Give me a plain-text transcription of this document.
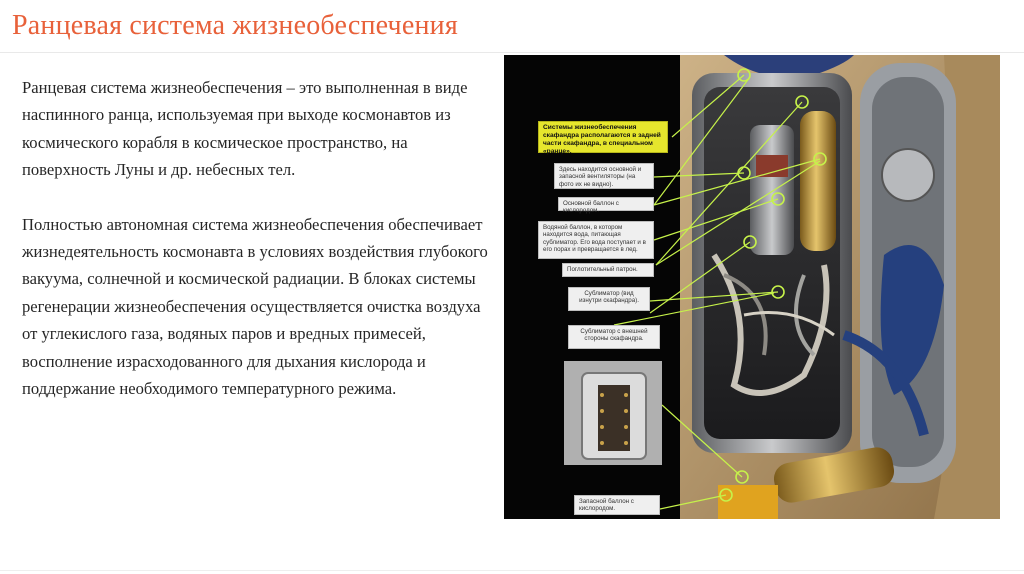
Ранцевая система жизнеобеспечения

Ранцевая система жизнеобеспечения – это выполненная в виде наспинного ранца, используемая при выходе космонавтов из космического корабля в космическое пространство, на поверхность Луны и др. небесных тел.

Полностью автономная система жизнеобеспечения обеспечивает жизнедеятельность космонавта в условиях воздействия глубокого вакуума, солнечной и космической радиации. В блоках системы регенерации жизнеобеспечения осуществляется очистка воздуха от углекислого газа, водяных паров и вредных примесей, восполнение израсходованного для дыхания кислорода и поддержание необходимого температурного режима.

Системы жизнеобеспечения скафандра располагаются в задней части скафандра, в специальном «ранце».
Здесь находится основной и запасной вентиляторы (на фото их не видно).
Основной баллон с кислородом.
Водяной баллон, в котором находится вода, питающая сублиматор. Его вода поступает и в его порах и превращается в лед.
Поглотительный патрон.
Сублиматор (вид изнутри скафандра).
Сублиматор с внешней стороны скафандра.
Запасной баллон с кислородом.
